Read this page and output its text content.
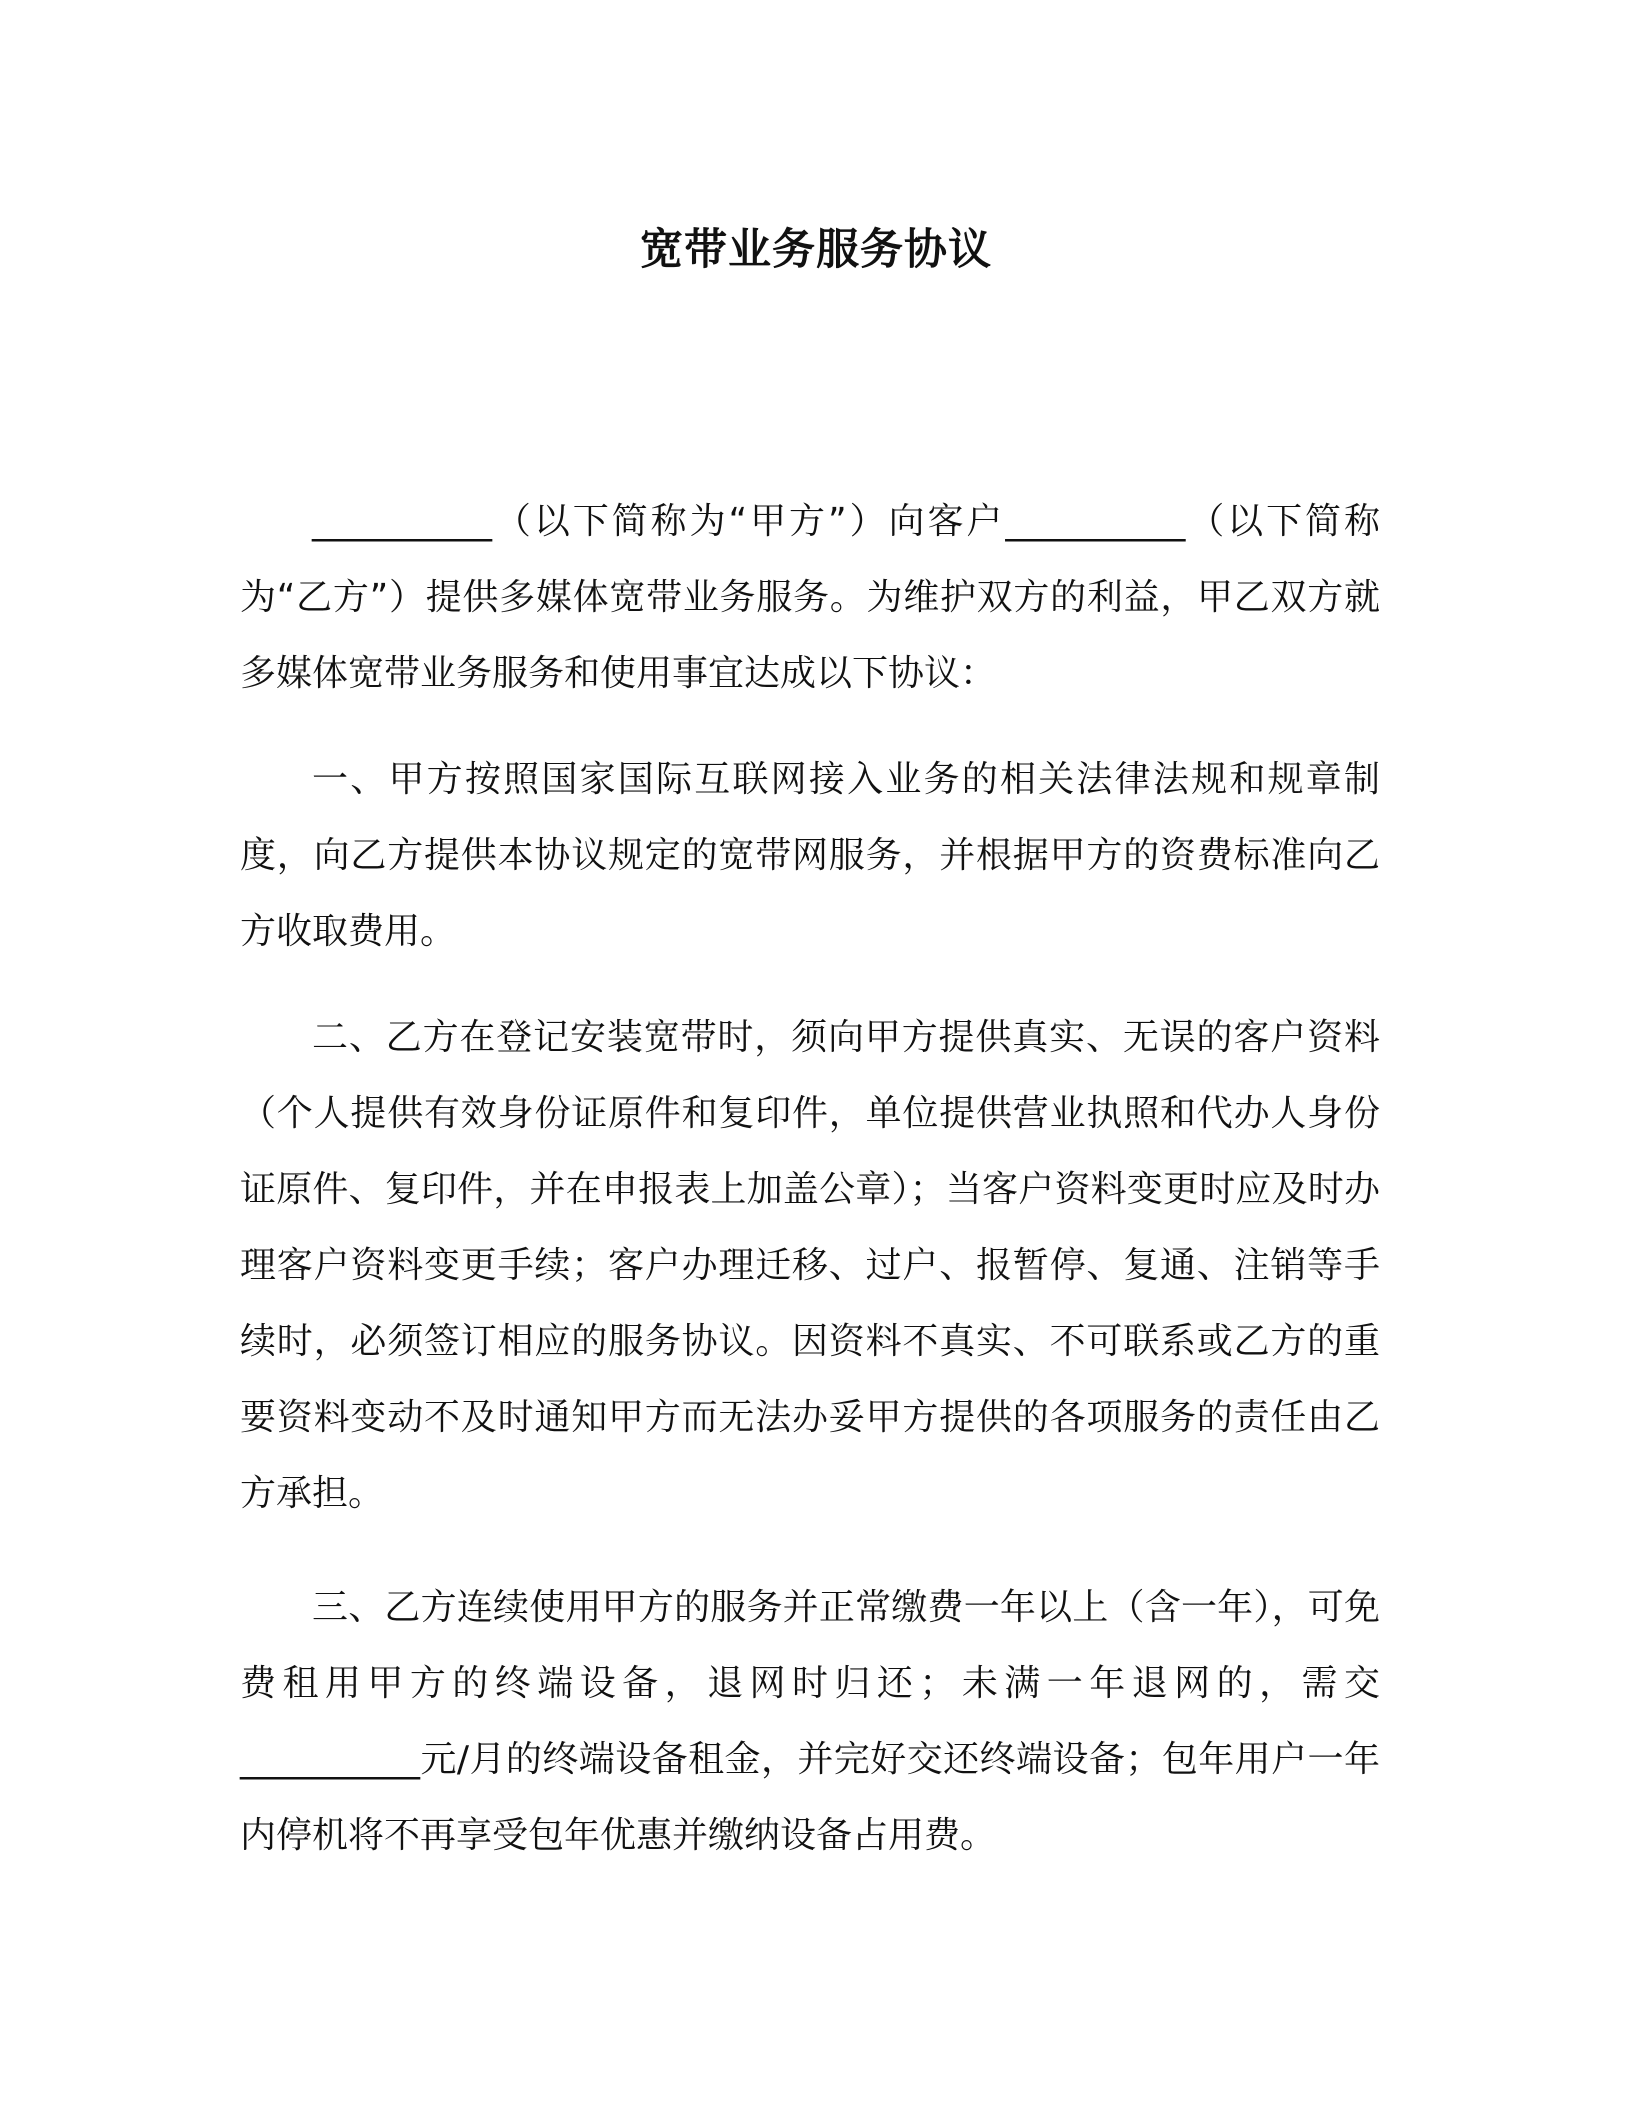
宽带业务服务协议

__________（以下简称为“甲方”）向客户__________（以下简称为“乙方”）提供多媒体宽带业务服务。为维护双方的利益，甲乙双方就多媒体宽带业务服务和使用事宜达成以下协议：

一、甲方按照国家国际互联网接入业务的相关法律法规和规章制度，向乙方提供本协议规定的宽带网服务，并根据甲方的资费标准向乙方收取费用。

二、乙方在登记安装宽带时，须向甲方提供真实、无误的客户资料（个人提供有效身份证原件和复印件，单位提供营业执照和代办人身份证原件、复印件，并在申报表上加盖公章）；当客户资料变更时应及时办理客户资料变更手续；客户办理迁移、过户、报暂停、复通、注销等手续时，必须签订相应的服务协议。因资料不真实、不可联系或乙方的重要资料变动不及时通知甲方而无法办妥甲方提供的各项服务的责任由乙方承担。

三、乙方连续使用甲方的服务并正常缴费一年以上（含一年），可免费租用甲方的终端设备，退网时归还；未满一年退网的，需交__________元/月的终端设备租金，并完好交还终端设备；包年用户一年内停机将不再享受包年优惠并缴纳设备占用费。
